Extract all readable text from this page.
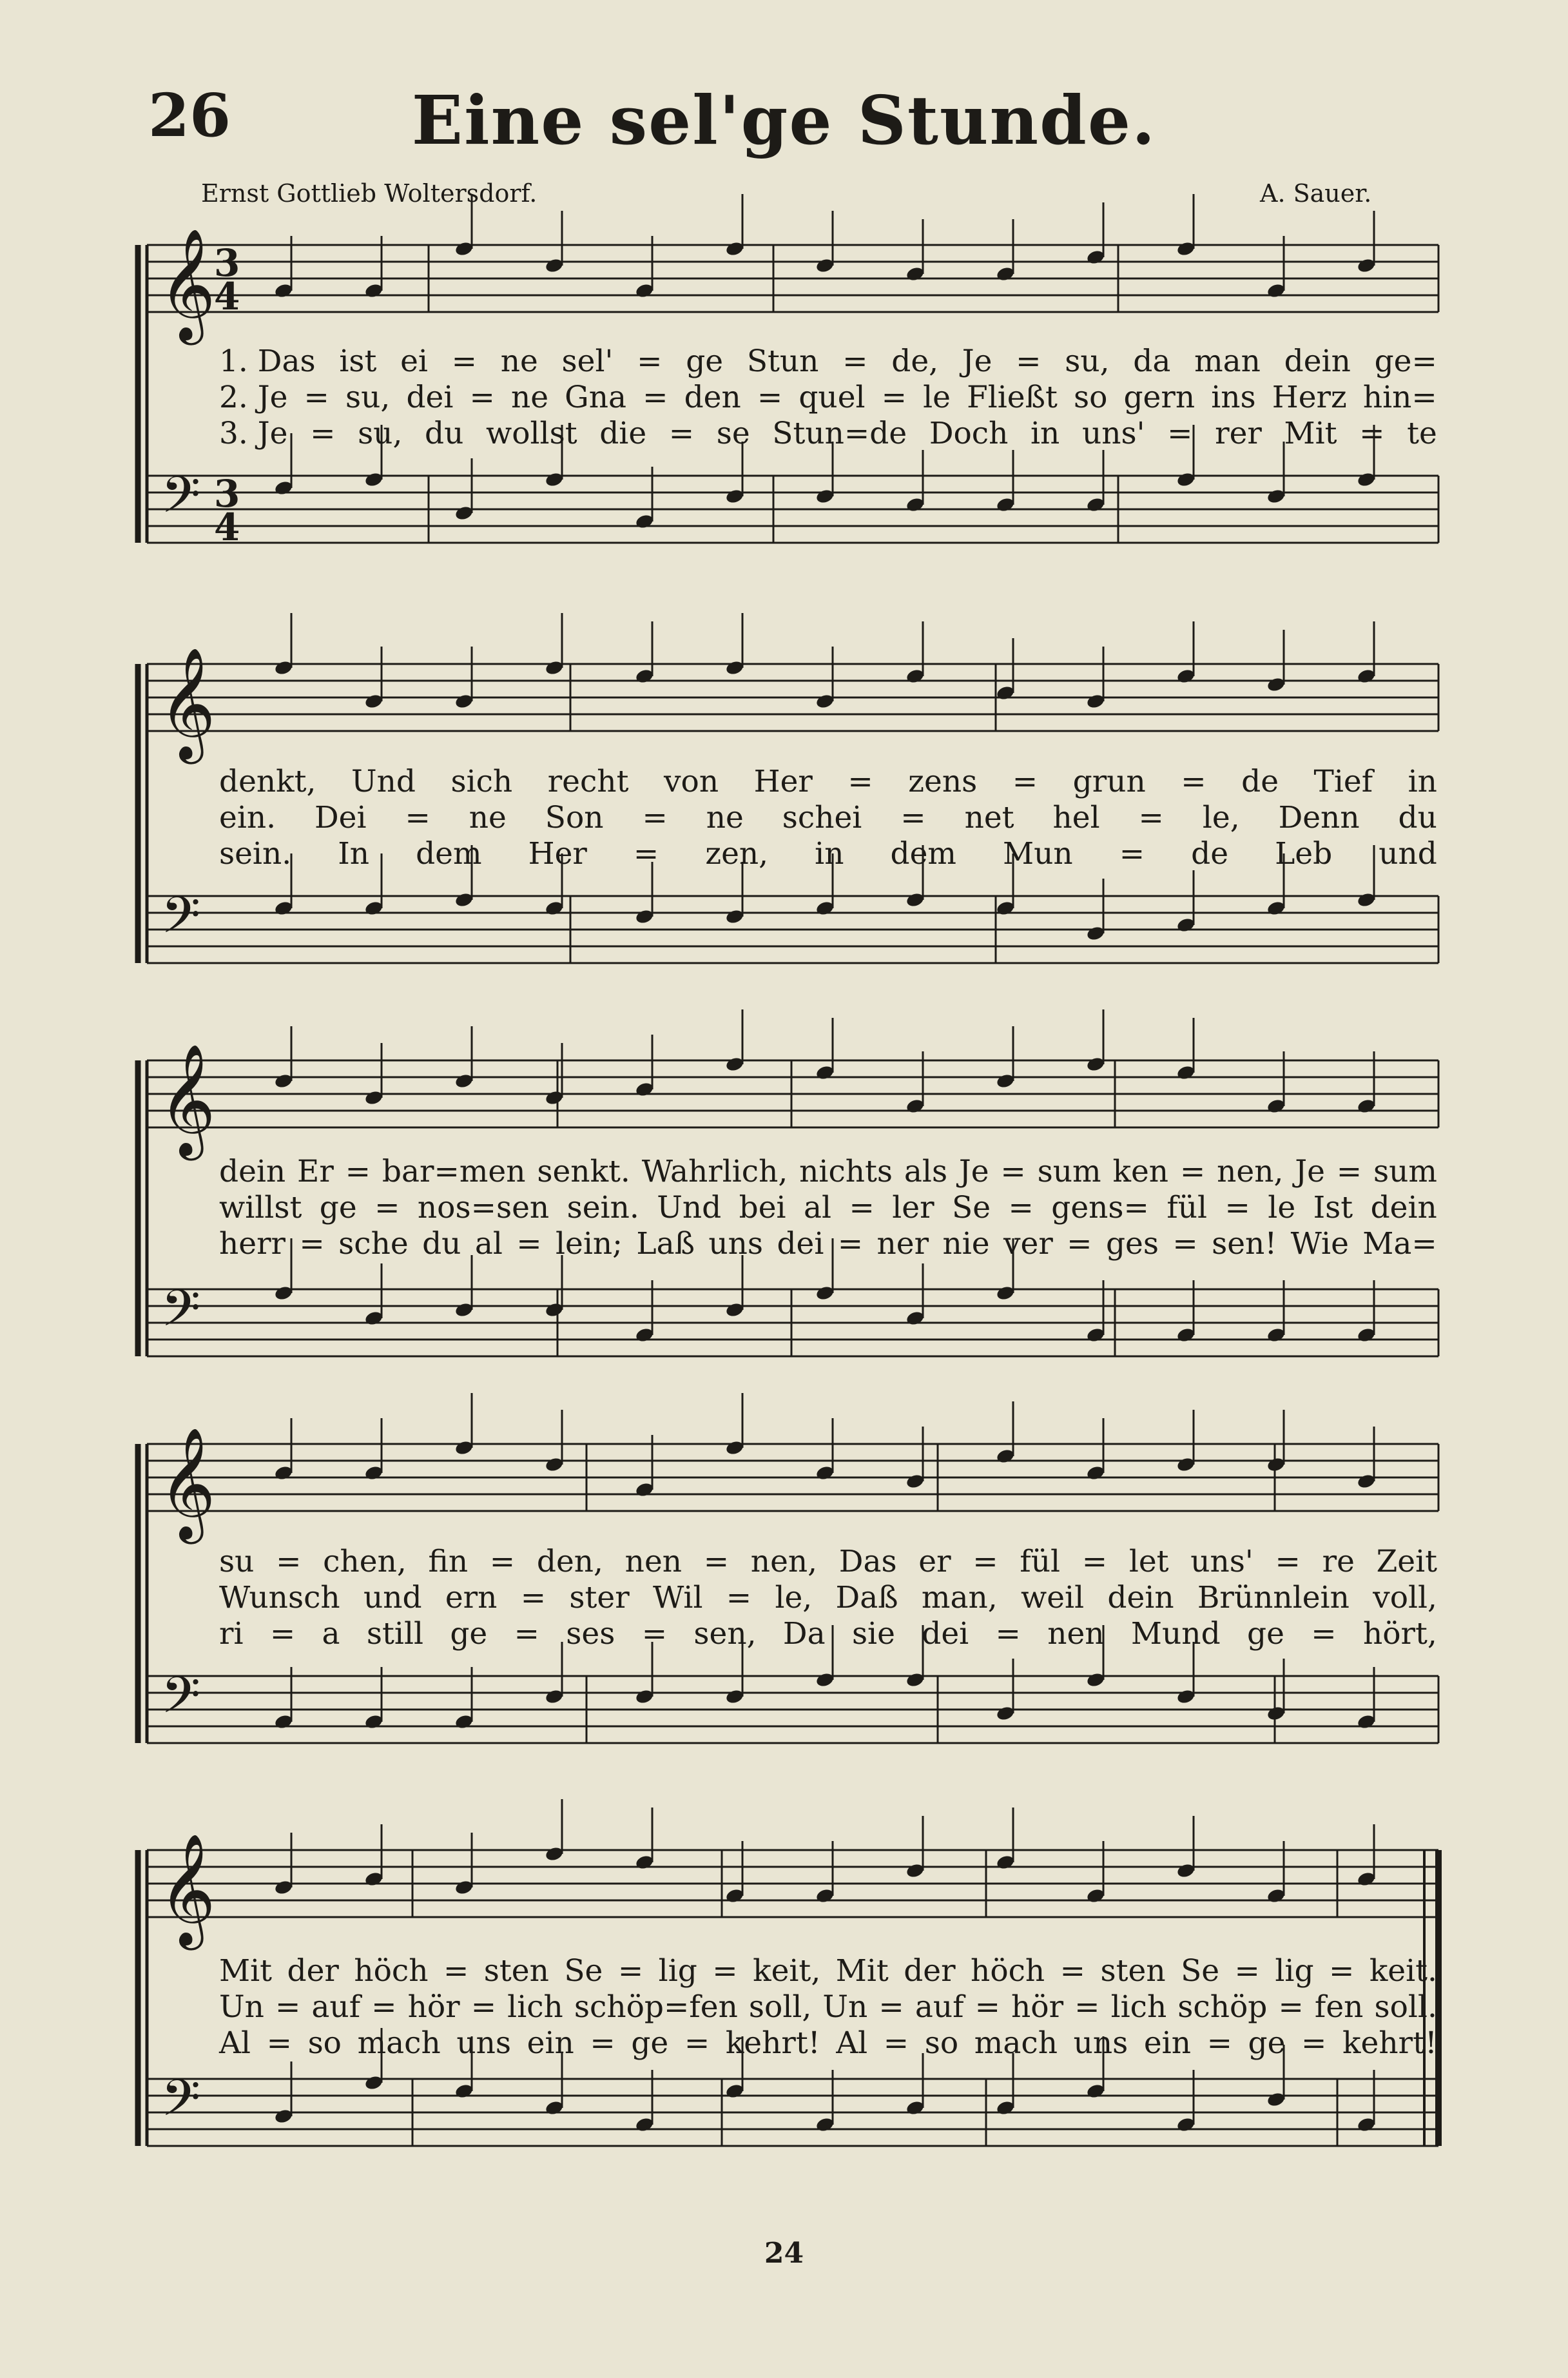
26	Eine sel'ge Stunde.
Ernst Gottlieb Woltersdorf.	A. Sauer.
𝄞
𝄢
3
4
3
4
𝄞
𝄢
𝄞
𝄢
𝄞
𝄢
𝄞
𝄢
1. Das ist ei = ne sel' = ge Stun = de, Je = su, da man dein ge=
2. Je = su, dei = ne Gna = den = quel = le Fließt so gern ins Herz hin=
3. Je = su, du wollst die = se Stun=de Doch in uns' = rer Mit = te
denkt, Und sich recht von Her = zens = grun = de Tief in
ein. Dei = ne Son = ne schei = net hel = le, Denn du
sein. In dem Her = zen, in dem Mun = de Leb und
dein Er = bar=men senkt. Wahrlich, nichts als Je = sum ken = nen, Je = sum
willst ge = nos=sen sein. Und bei al = ler Se = gens= fül = le Ist dein
herr = sche du al = lein; Laß uns dei = ner nie ver = ges = sen! Wie Ma=
su = chen, fin = den, nen = nen, Das er = fül = let uns' = re Zeit
Wunsch und ern = ster Wil = le, Daß man, weil dein Brünnlein voll,
ri = a still ge = ses = sen, Da sie dei = nen Mund ge = hört,
Mit der höch = sten Se = lig = keit, Mit der höch = sten Se = lig = keit.
Un = auf = hör = lich schöp=fen soll, Un = auf = hör = lich schöp = fen soll.
Al = so mach uns ein = ge = kehrt! Al = so mach uns ein = ge = kehrt!
24
